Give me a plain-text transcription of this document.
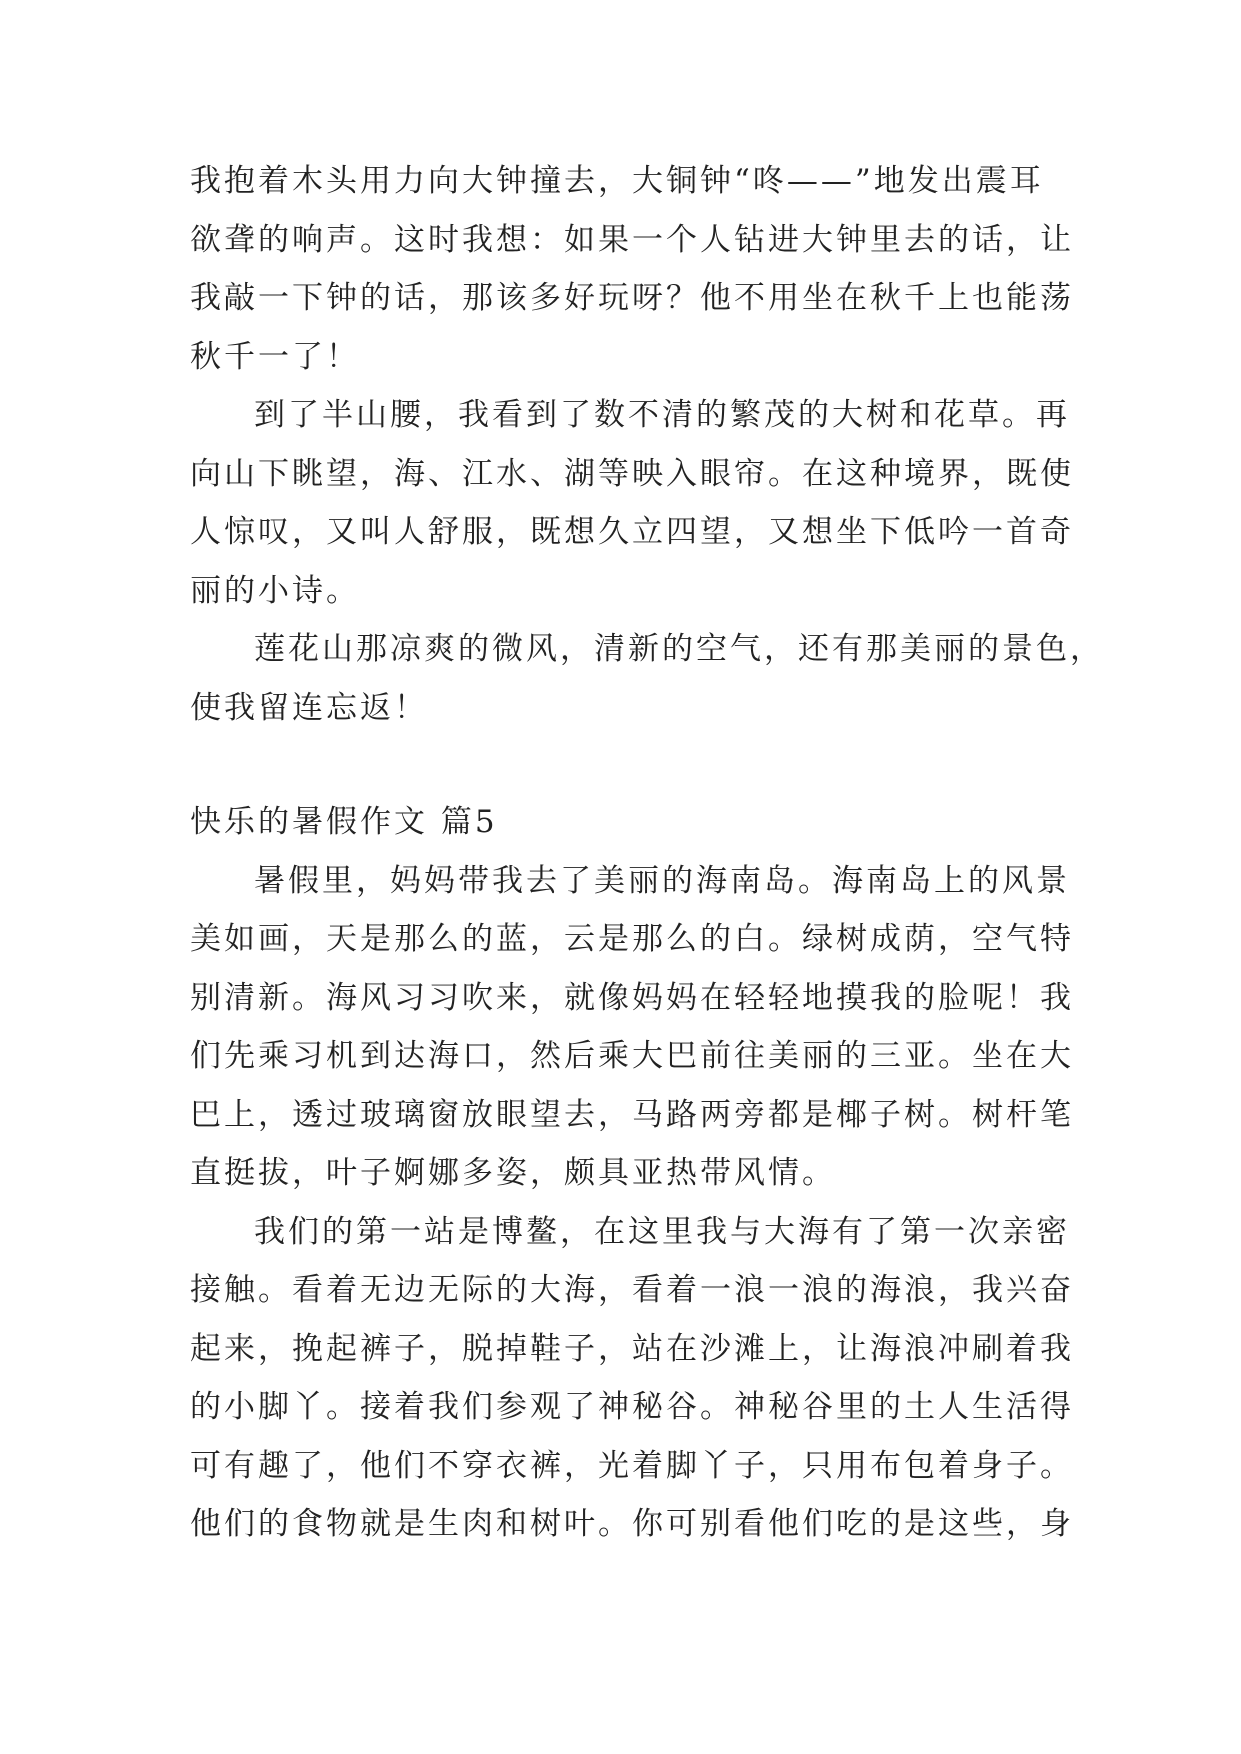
我抱着木头用力向大钟撞去，大铜钟“咚——”地发出震耳
欲聋的响声。这时我想：如果一个人钻进大钟里去的话，让
我敲一下钟的话，那该多好玩呀？他不用坐在秋千上也能荡
秋千一了！
到了半山腰，我看到了数不清的繁茂的大树和花草。再
向山下眺望，海、江水、湖等映入眼帘。在这种境界，既使
人惊叹，又叫人舒服，既想久立四望，又想坐下低吟一首奇
丽的小诗。
莲花山那凉爽的微风，清新的空气，还有那美丽的景色，
使我留连忘返！
快乐的暑假作文 篇5
暑假里，妈妈带我去了美丽的海南岛。海南岛上的风景
美如画，天是那么的蓝，云是那么的白。绿树成荫，空气特
别清新。海风习习吹来，就像妈妈在轻轻地摸我的脸呢！我
们先乘习机到达海口，然后乘大巴前往美丽的三亚。坐在大
巴上，透过玻璃窗放眼望去，马路两旁都是椰子树。树杆笔
直挺拔，叶子婀娜多姿，颇具亚热带风情。
我们的第一站是博鳌，在这里我与大海有了第一次亲密
接触。看着无边无际的大海，看着一浪一浪的海浪，我兴奋
起来，挽起裤子，脱掉鞋子，站在沙滩上，让海浪冲刷着我
的小脚丫。接着我们参观了神秘谷。神秘谷里的土人生活得
可有趣了，他们不穿衣裤，光着脚丫子，只用布包着身子。
他们的食物就是生肉和树叶。你可别看他们吃的是这些，身
